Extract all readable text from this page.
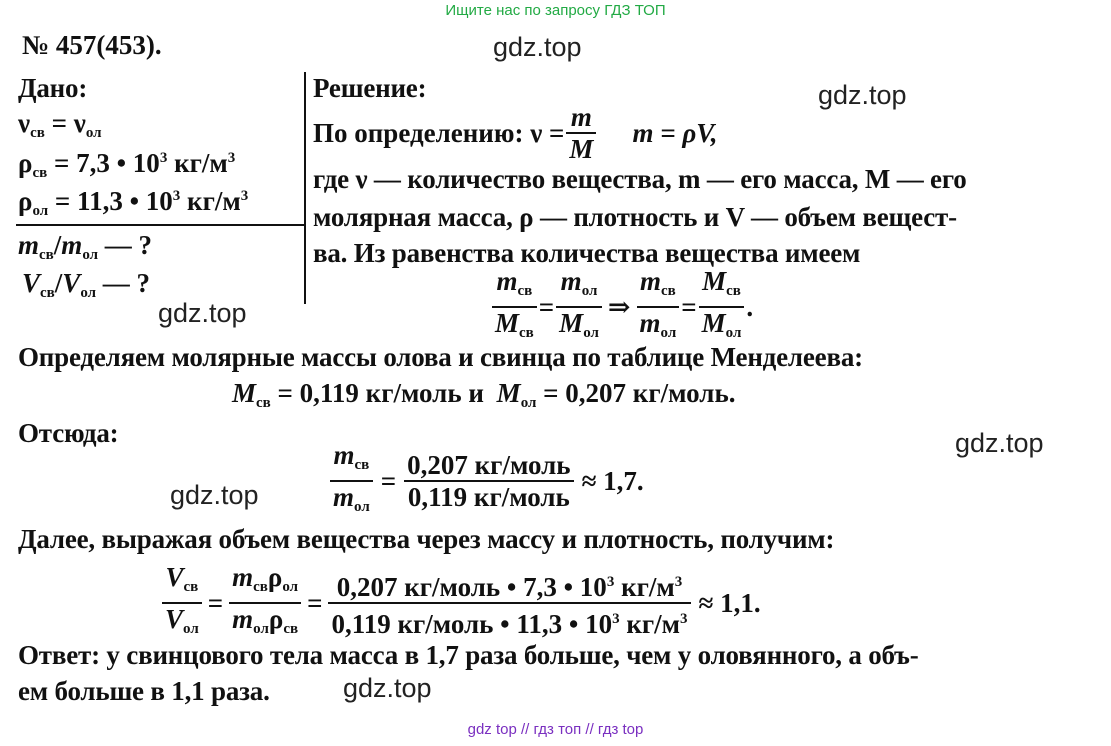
Ищите нас по запросу ГДЗ ТОП
gdz top // гдз топ // гдз top
gdz.top
gdz.top
gdz.top
gdz.top
gdz.top
gdz.top
№ 457(453).
Дано:
$\nu_{св} = \nu_{ол}$
$\rho_{св} = 7,3$ • $10^3$ $кг/м^3$
$\rho_{ол} = 11,3$ • $10^3$ $кг/м^3$
$m_{св}/m_{ол}$ — ?
$V_{св}/V_{ол}$ — ?
Решение:
По определению: $\nu = \frac{m}{M}$ m = ρV,
где ν — количество вещества, m — его масса, M — его
молярная масса, ρ — плотность и V — объем вещест-
ва. Из равенства количества вещества имеем
$\frac{m_{св}}{M_{св}} = \frac{m_{ол}}{M_{ол}}$ ⇒ $\frac{m_{св}}{m_{ол}} = \frac{M_{св}}{M_{ол}}$ .
Определяем молярные массы олова и свинца по таблице Менделеева:
$M_{св} = 0,119$ кг/моль и $M_{ол} = 0,207$ кг/моль.
Отсюда:
$\frac{m_{св}}{m_{ол}} = \frac{\text{0,207 кг/моль}}{\text{0,119 кг/моль}} \approx 1,7$.
Далее, выражая объем вещества через массу и плотность, получим:
$\frac{V_{св}}{V_{ол}} = \frac{m_{св}\rho_{ол}}{m_{ол}\rho_{св}} = \frac{0,207 кг/моль • 7,3 • 10^3 кг/м^3}{0,119 кг/моль • 11,3 • 10^3 кг/м^3} \approx 1,1$.
Ответ: у свинцового тела масса в 1,7 раза больше, чем у оловянного, а объ-
ем больше в 1,1 раза.
